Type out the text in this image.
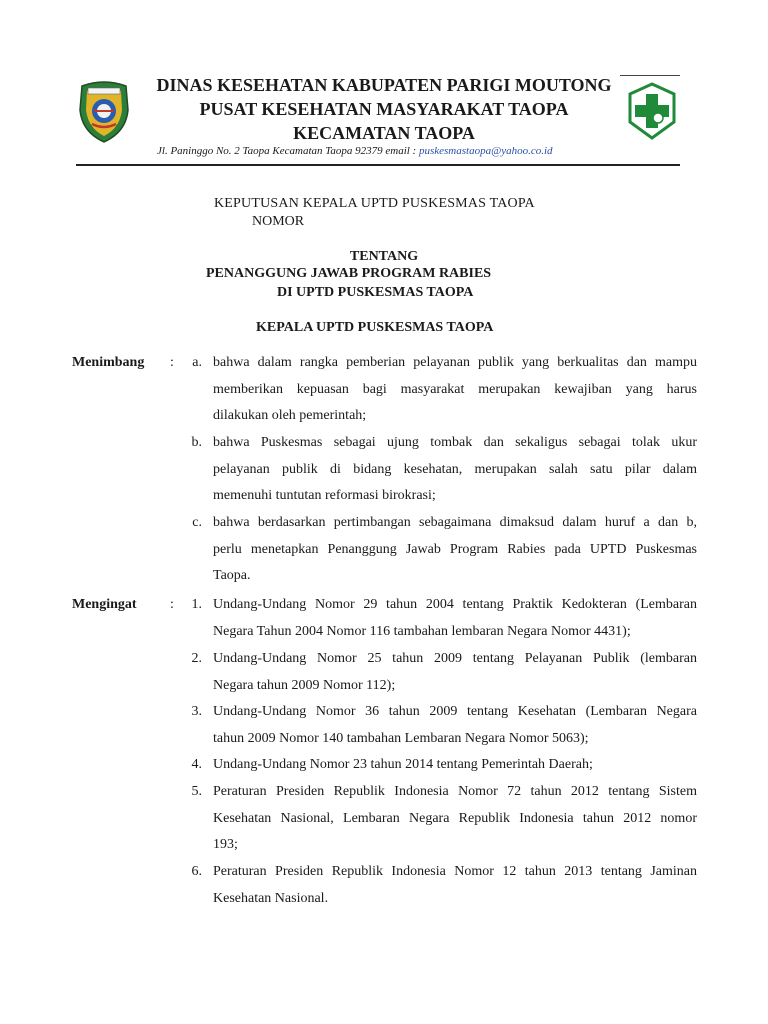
DINAS KESEHATAN KABUPATEN PARIGI MOUTONG
PUSAT KESEHATAN MASYARAKAT TAOPA
KECAMATAN TAOPA
Jl. Paninggo No. 2 Taopa Kecamatan Taopa 92379 email : puskesmastaopa@yahoo.co.id
KEPUTUSAN KEPALA UPTD PUSKESMAS TAOPA
NOMOR
TENTANG
PENANGGUNG JAWAB PROGRAM RABIES
DI UPTD PUSKESMAS TAOPA
KEPALA UPTD PUSKESMAS TAOPA
Menimbang :	a. bahwa dalam rangka pemberian pelayanan publik yang berkualitas dan mampu
memberikan kepuasan bagi masyarakat merupakan kewajiban yang harus
dilakukan oleh pemerintah;
b. bahwa Puskesmas sebagai ujung tombak dan sekaligus sebagai tolak ukur
pelayanan publik di bidang kesehatan, merupakan salah satu pilar dalam
memenuhi tuntutan reformasi birokrasi;
c. bahwa berdasarkan pertimbangan sebagaimana dimaksud dalam huruf a dan b,
perlu menetapkan Penanggung Jawab Program Rabies pada UPTD Puskesmas
Taopa.
Mengingat :	1. Undang-Undang Nomor 29 tahun 2004 tentang Praktik Kedokteran (Lembaran
Negara Tahun 2004 Nomor 116 tambahan lembaran Negara Nomor 4431);
2. Undang-Undang Nomor 25 tahun 2009 tentang Pelayanan Publik (lembaran
Negara tahun 2009 Nomor 112);
3. Undang-Undang Nomor 36 tahun 2009 tentang Kesehatan (Lembaran Negara
tahun 2009 Nomor 140 tambahan Lembaran Negara Nomor 5063);
4. Undang-Undang Nomor 23 tahun 2014 tentang Pemerintah Daerah;
5. Peraturan Presiden Republik Indonesia Nomor 72 tahun 2012 tentang Sistem
Kesehatan Nasional, Lembaran Negara Republik Indonesia tahun 2012 nomor
193;
6. Peraturan Presiden Republik Indonesia Nomor 12 tahun 2013 tentang Jaminan
Kesehatan Nasional.
